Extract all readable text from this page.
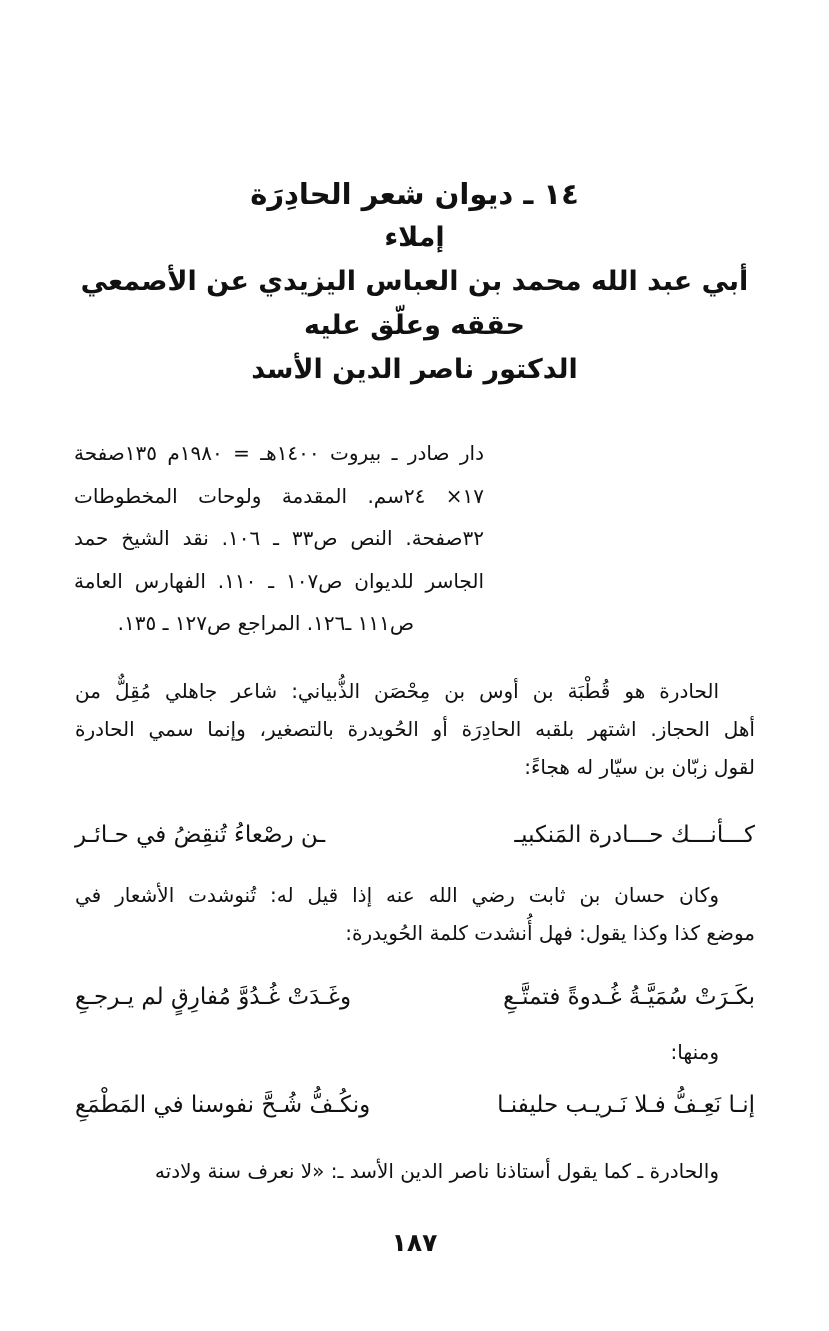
١٤ ـ ديوان شعر الحادِرَة
إملاء
أبي عبد الله محمد بن العباس اليزيدي عن الأصمعي
حققه وعلّق عليه
الدكتور ناصر الدين الأسد
دار صادر ـ بيروت ١٤٠٠هـ = ١٩٨٠م ١٣٥صفحة
١٧× ٢٤سم. المقدمة ولوحات المخطوطات
٣٢صفحة. النص ص٣٣ ـ ١٠٦. نقد الشيخ حمد
الجاسر للديوان ص١٠٧ ـ ١١٠. الفهارس العامة
ص١١١ ـ١٢٦. المراجع ص١٢٧ ـ ١٣٥.
الحادرة هو قُطْبَة بن أوس بن مِحْصَن الذُّبياني: شاعر جاهلي مُقِلٌّ من
أهل الحجاز. اشتهر بلقبه الحادِرَة أو الحُويدرة بالتصغير، وإنما سمي الحادرة
لقول زبّان بن سيّار له هجاءً:
كـــأنـــك حـــادرة المَنكبيـ
ـن رصْعاءُ تُنقِضُ في حـائـر
وكان حسان بن ثابت رضي الله عنه إذا قيل له: تُنوشدت الأشعار في
موضع كذا وكذا يقول: فهل أُنشدت كلمة الحُويدرة:
بكَـرَتْ سُمَيَّـةُ غُـدوةً فتمتَّـعِ
وغَـدَتْ غُـدُوَّ مُفارِقٍ لم يـرجـعِ
ومنها:
إنـا نَعِـفُّ فـلا نَـريـب حليفنـا
ونكُـفُّ شُـحَّ نفوسنا في المَطْمَعِ
والحادرة ـ كما يقول أستاذنا ناصر الدين الأسد ـ: «لا نعرف سنة ولادته
١٨٧
